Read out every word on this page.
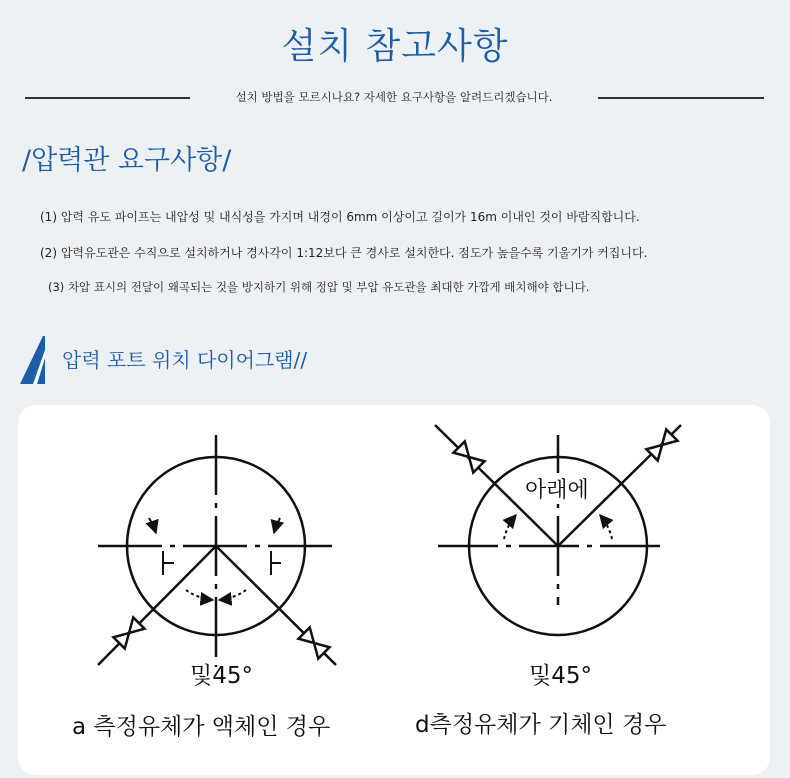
설치 참고사항
설치 방법을 모르시나요? 자세한 요구사항을 알려드리겠습니다.
/압력관 요구사항/
(1) 압력 유도 파이프는 내압성 및 내식성을 가지며 내경이 6mm 이상이고 길이가 16m 이내인 것이 바람직합니다.
(2) 압력유도관은 수직으로 설치하거나 경사각이 1:12보다 큰 경사로 설치한다. 점도가 높을수록 기울기가 커집니다.
(3) 차압 표시의 전달이 왜곡되는 것을 방지하기 위해 정압 및 부압 유도관을 최대한 가깝게 배치해야 합니다.
압력 포트 위치 다이어그램//
및45°
a 측정유체가 액체인 경우
아래에
및45°
d측정유체가 기체인 경우
